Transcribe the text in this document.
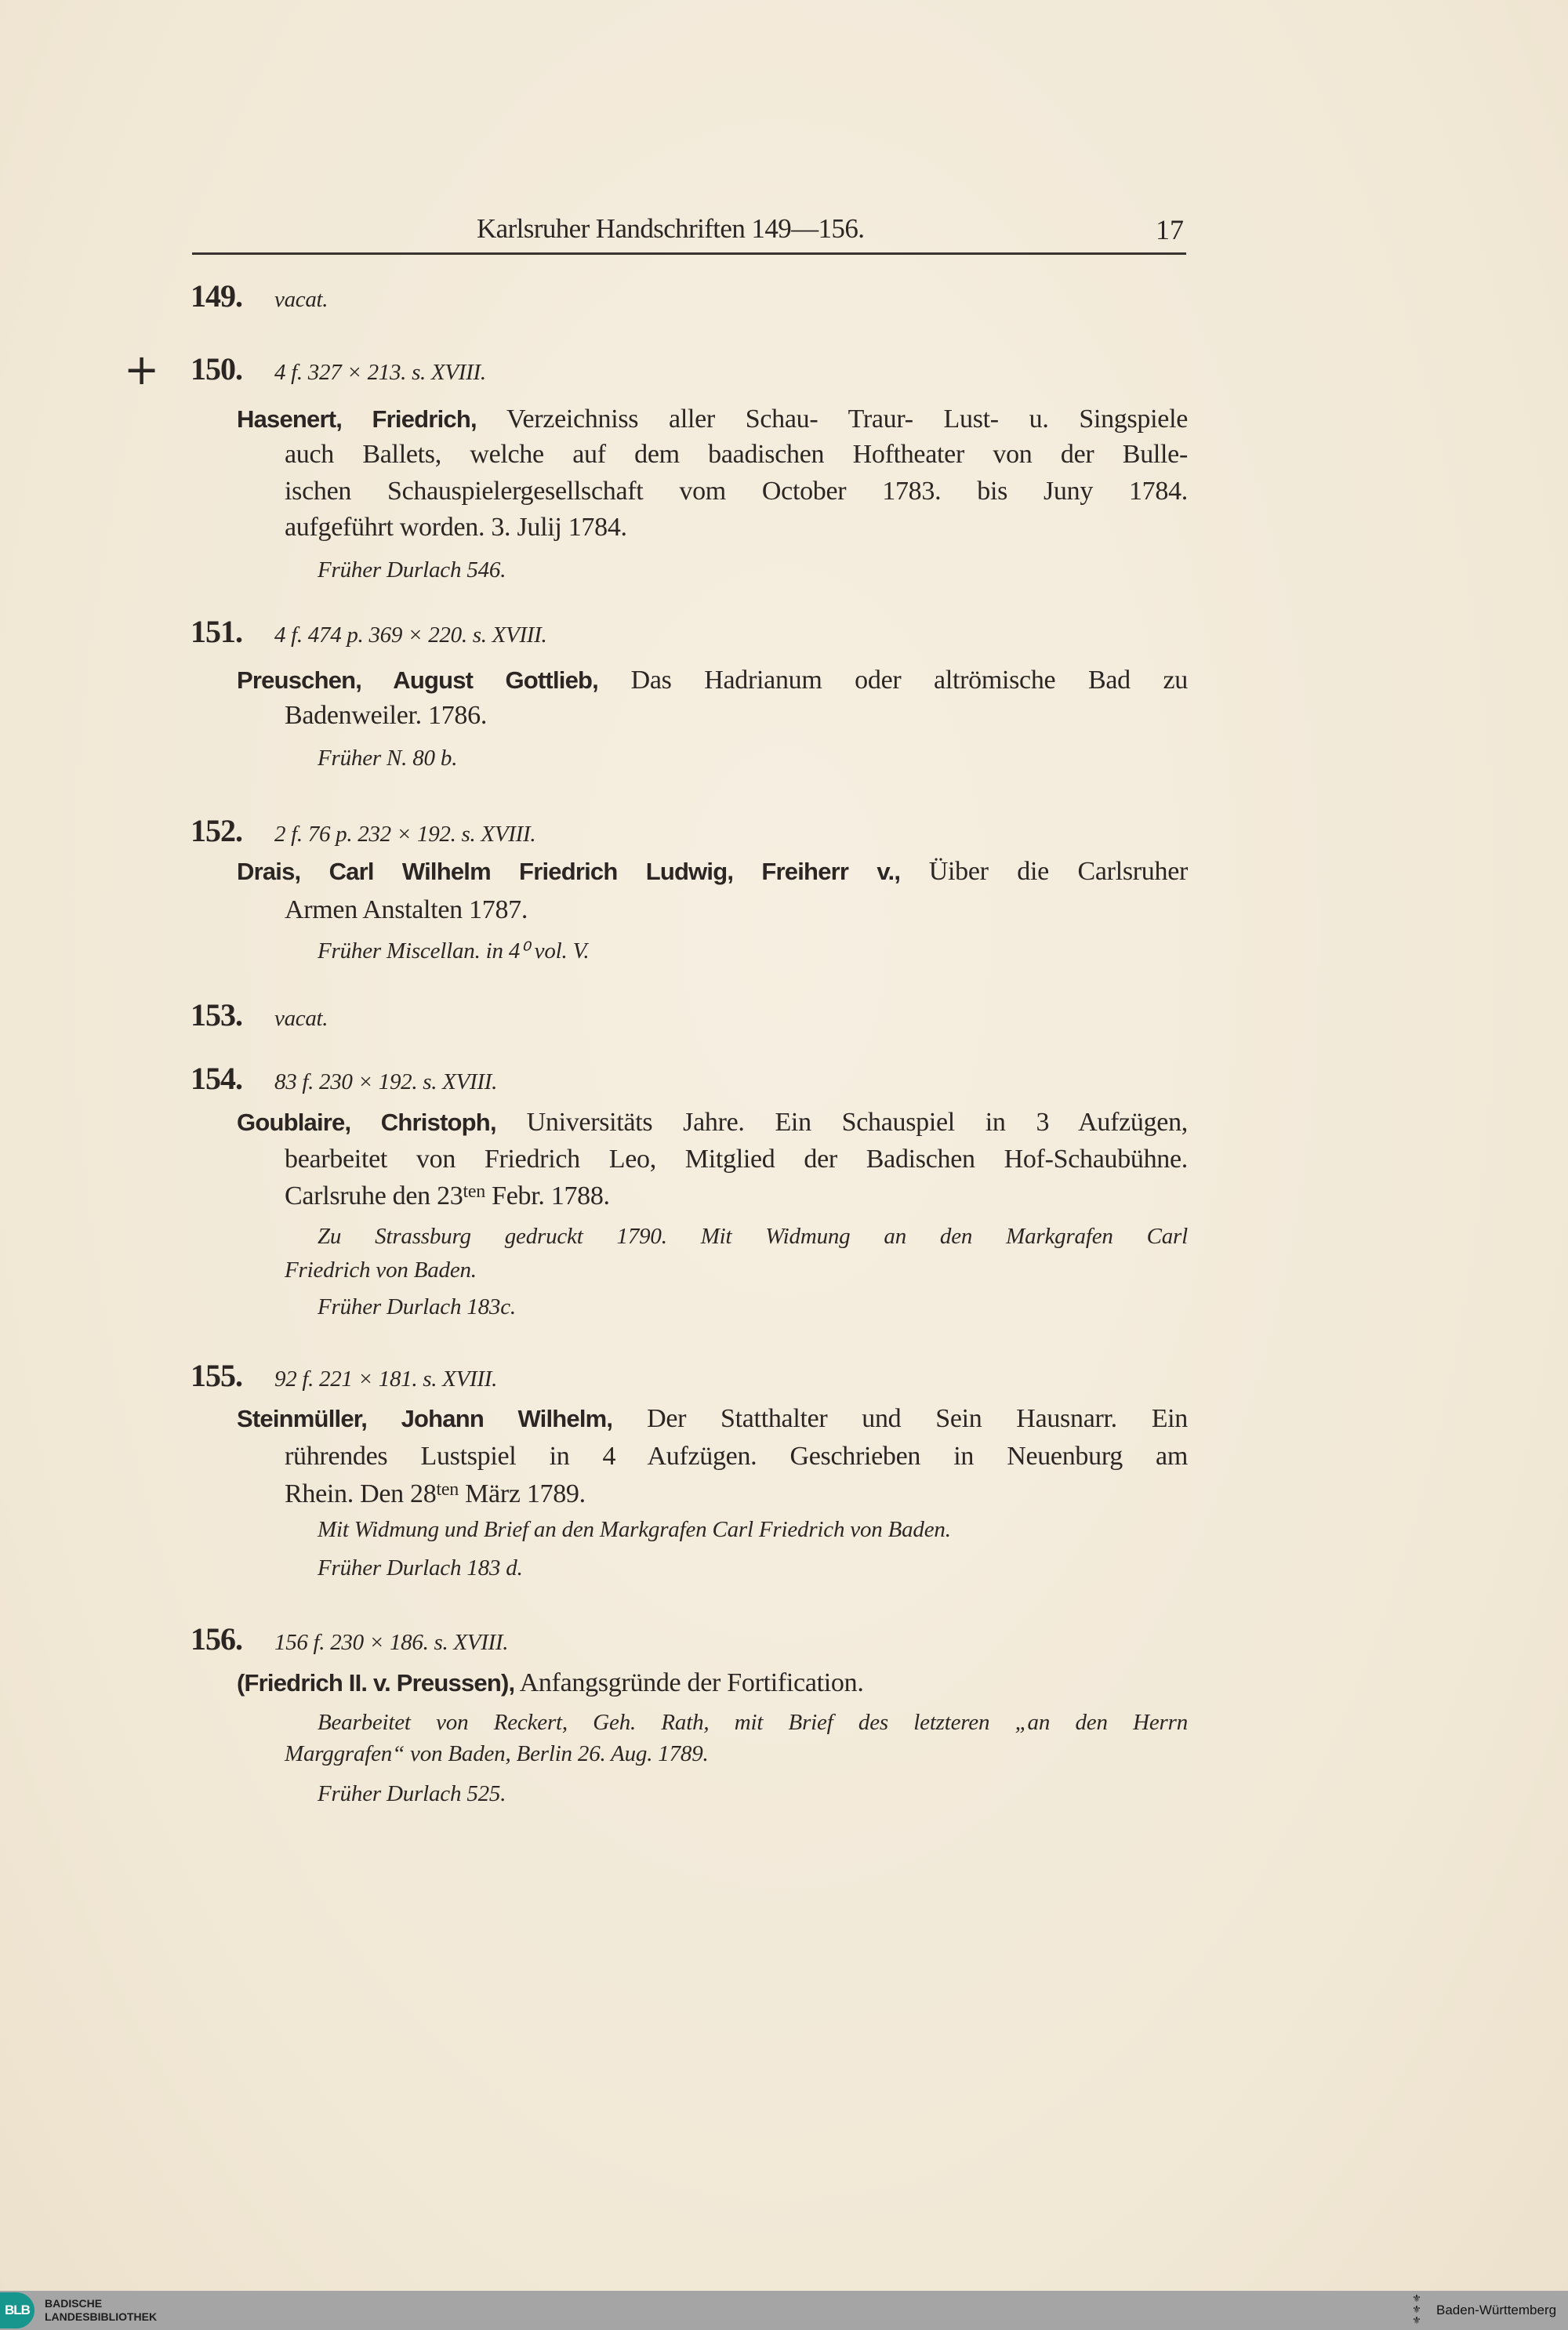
Karlsruher Handschriften 149—156.	17
149. vacat.
+ 150. 4 f. 327 × 213. s. XVIII.
Hasenert, Friedrich, Verzeichniss aller Schau- Traur- Lust- u. Singspiele
auch Ballets, welche auf dem baadischen Hoftheater von der Bulle-
ischen Schauspielergesellschaft vom October 1783. bis Juny 1784.
aufgeführt worden. 3. Julij 1784.
Früher Durlach 546.
151. 4 f. 474 p. 369 × 220. s. XVIII.
Preuschen, August Gottlieb, Das Hadrianum oder altrömische Bad zu
Badenweiler. 1786.
Früher N. 80 b.
152. 2 f. 76 p. 232 × 192. s. XVIII.
Drais, Carl Wilhelm Friedrich Ludwig, Freiherr v., Üiber die Carlsruher
Armen Anstalten 1787.
Früher Miscellan. in 4⁰ vol. V.
153. vacat.
154. 83 f. 230 × 192. s. XVIII.
Goublaire, Christoph, Universitäts Jahre. Ein Schauspiel in 3 Aufzügen,
bearbeitet von Friedrich Leo, Mitglied der Badischen Hof-Schaubühne.
Carlsruhe den $23^{ten}$ Febr. 1788.
Zu Strassburg gedruckt 1790. Mit Widmung an den Markgrafen Carl
Friedrich von Baden.
Früher Durlach 183c.
155. 92 f. 221 × 181. s. XVIII.
Steinmüller, Johann Wilhelm, Der Statthalter und Sein Hausnarr. Ein
rührendes Lustspiel in 4 Aufzügen. Geschrieben in Neuenburg am
Rhein. Den $28^{ten}$ März 1789.
Mit Widmung und Brief an den Markgrafen Carl Friedrich von Baden.
Früher Durlach 183 d.
156. 156 f. 230 × 186. s. XVIII.
(Friedrich II. v. Preussen), Anfangsgründe der Fortification.
Bearbeitet von Reckert, Geh. Rath, mit Brief des letzteren „an den Herrn
Marggrafen“ von Baden, Berlin 26. Aug. 1789.
Früher Durlach 525.
BLB	BADISCHE
LANDESBIBLIOTHEK
⚜
⚜
⚜
Baden-Württemberg
